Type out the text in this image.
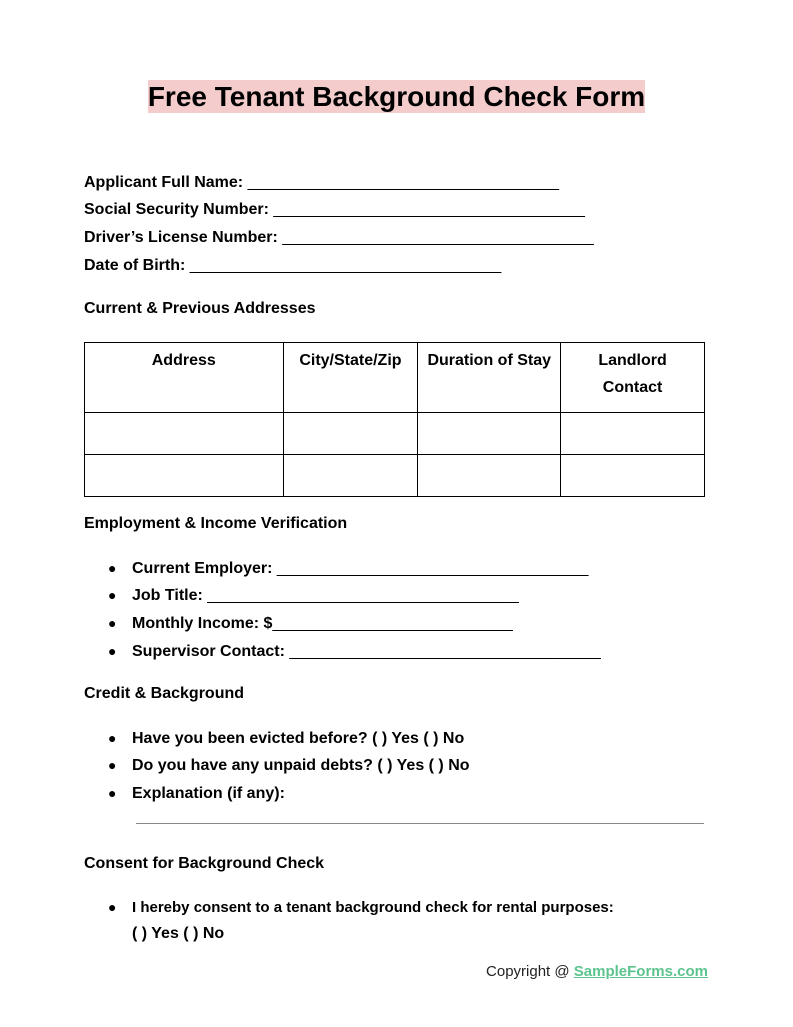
Free Tenant Background Check Form
Applicant Full Name: ___________________________________
Social Security Number: ___________________________________
Driver’s License Number: ___________________________________
Date of Birth: ___________________________________
Current & Previous Addresses
Address	City/State/Zip	Duration of Stay	Landlord Contact

Employment & Income Verification
● Current Employer: ___________________________________
● Job Title: ___________________________________
● Monthly Income: $___________________________
● Supervisor Contact: ___________________________________
Credit & Background
● Have you been evicted before? ( ) Yes ( ) No
● Do you have any unpaid debts? ( ) Yes ( ) No
● Explanation (if any):
Consent for Background Check
● I hereby consent to a tenant background check for rental purposes:
( ) Yes ( ) No
Copyright @ SampleForms.com
